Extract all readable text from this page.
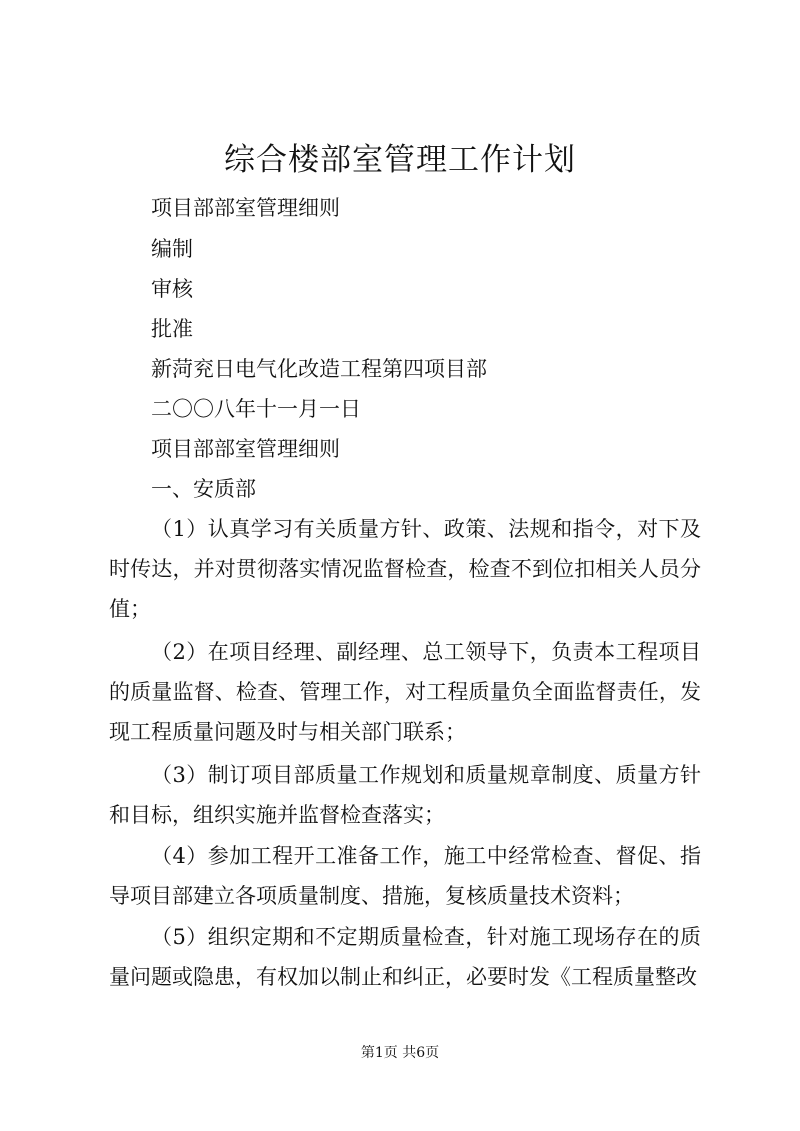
综合楼部室管理工作计划
项目部部室管理细则
编制
审核
批准
新菏兖日电气化改造工程第四项目部
二〇〇八年十一月一日
项目部部室管理细则
一、安质部

（1）认真学习有关质量方针、政策、法规和指令，对下及时传达，并对贯彻落实情况监督检查，检查不到位扣相关人员分值；

（2）在项目经理、副经理、总工领导下，负责本工程项目的质量监督、检查、管理工作，对工程质量负全面监督责任，发现工程质量问题及时与相关部门联系；

（3）制订项目部质量工作规划和质量规章制度、质量方针和目标，组织实施并监督检查落实；

（4）参加工程开工准备工作，施工中经常检查、督促、指导项目部建立各项质量制度、措施，复核质量技术资料；

（5）组织定期和不定期质量检查，针对施工现场存在的质量问题或隐患，有权加以制止和纠正，必要时发《工程质量整改

第1页 共6页
